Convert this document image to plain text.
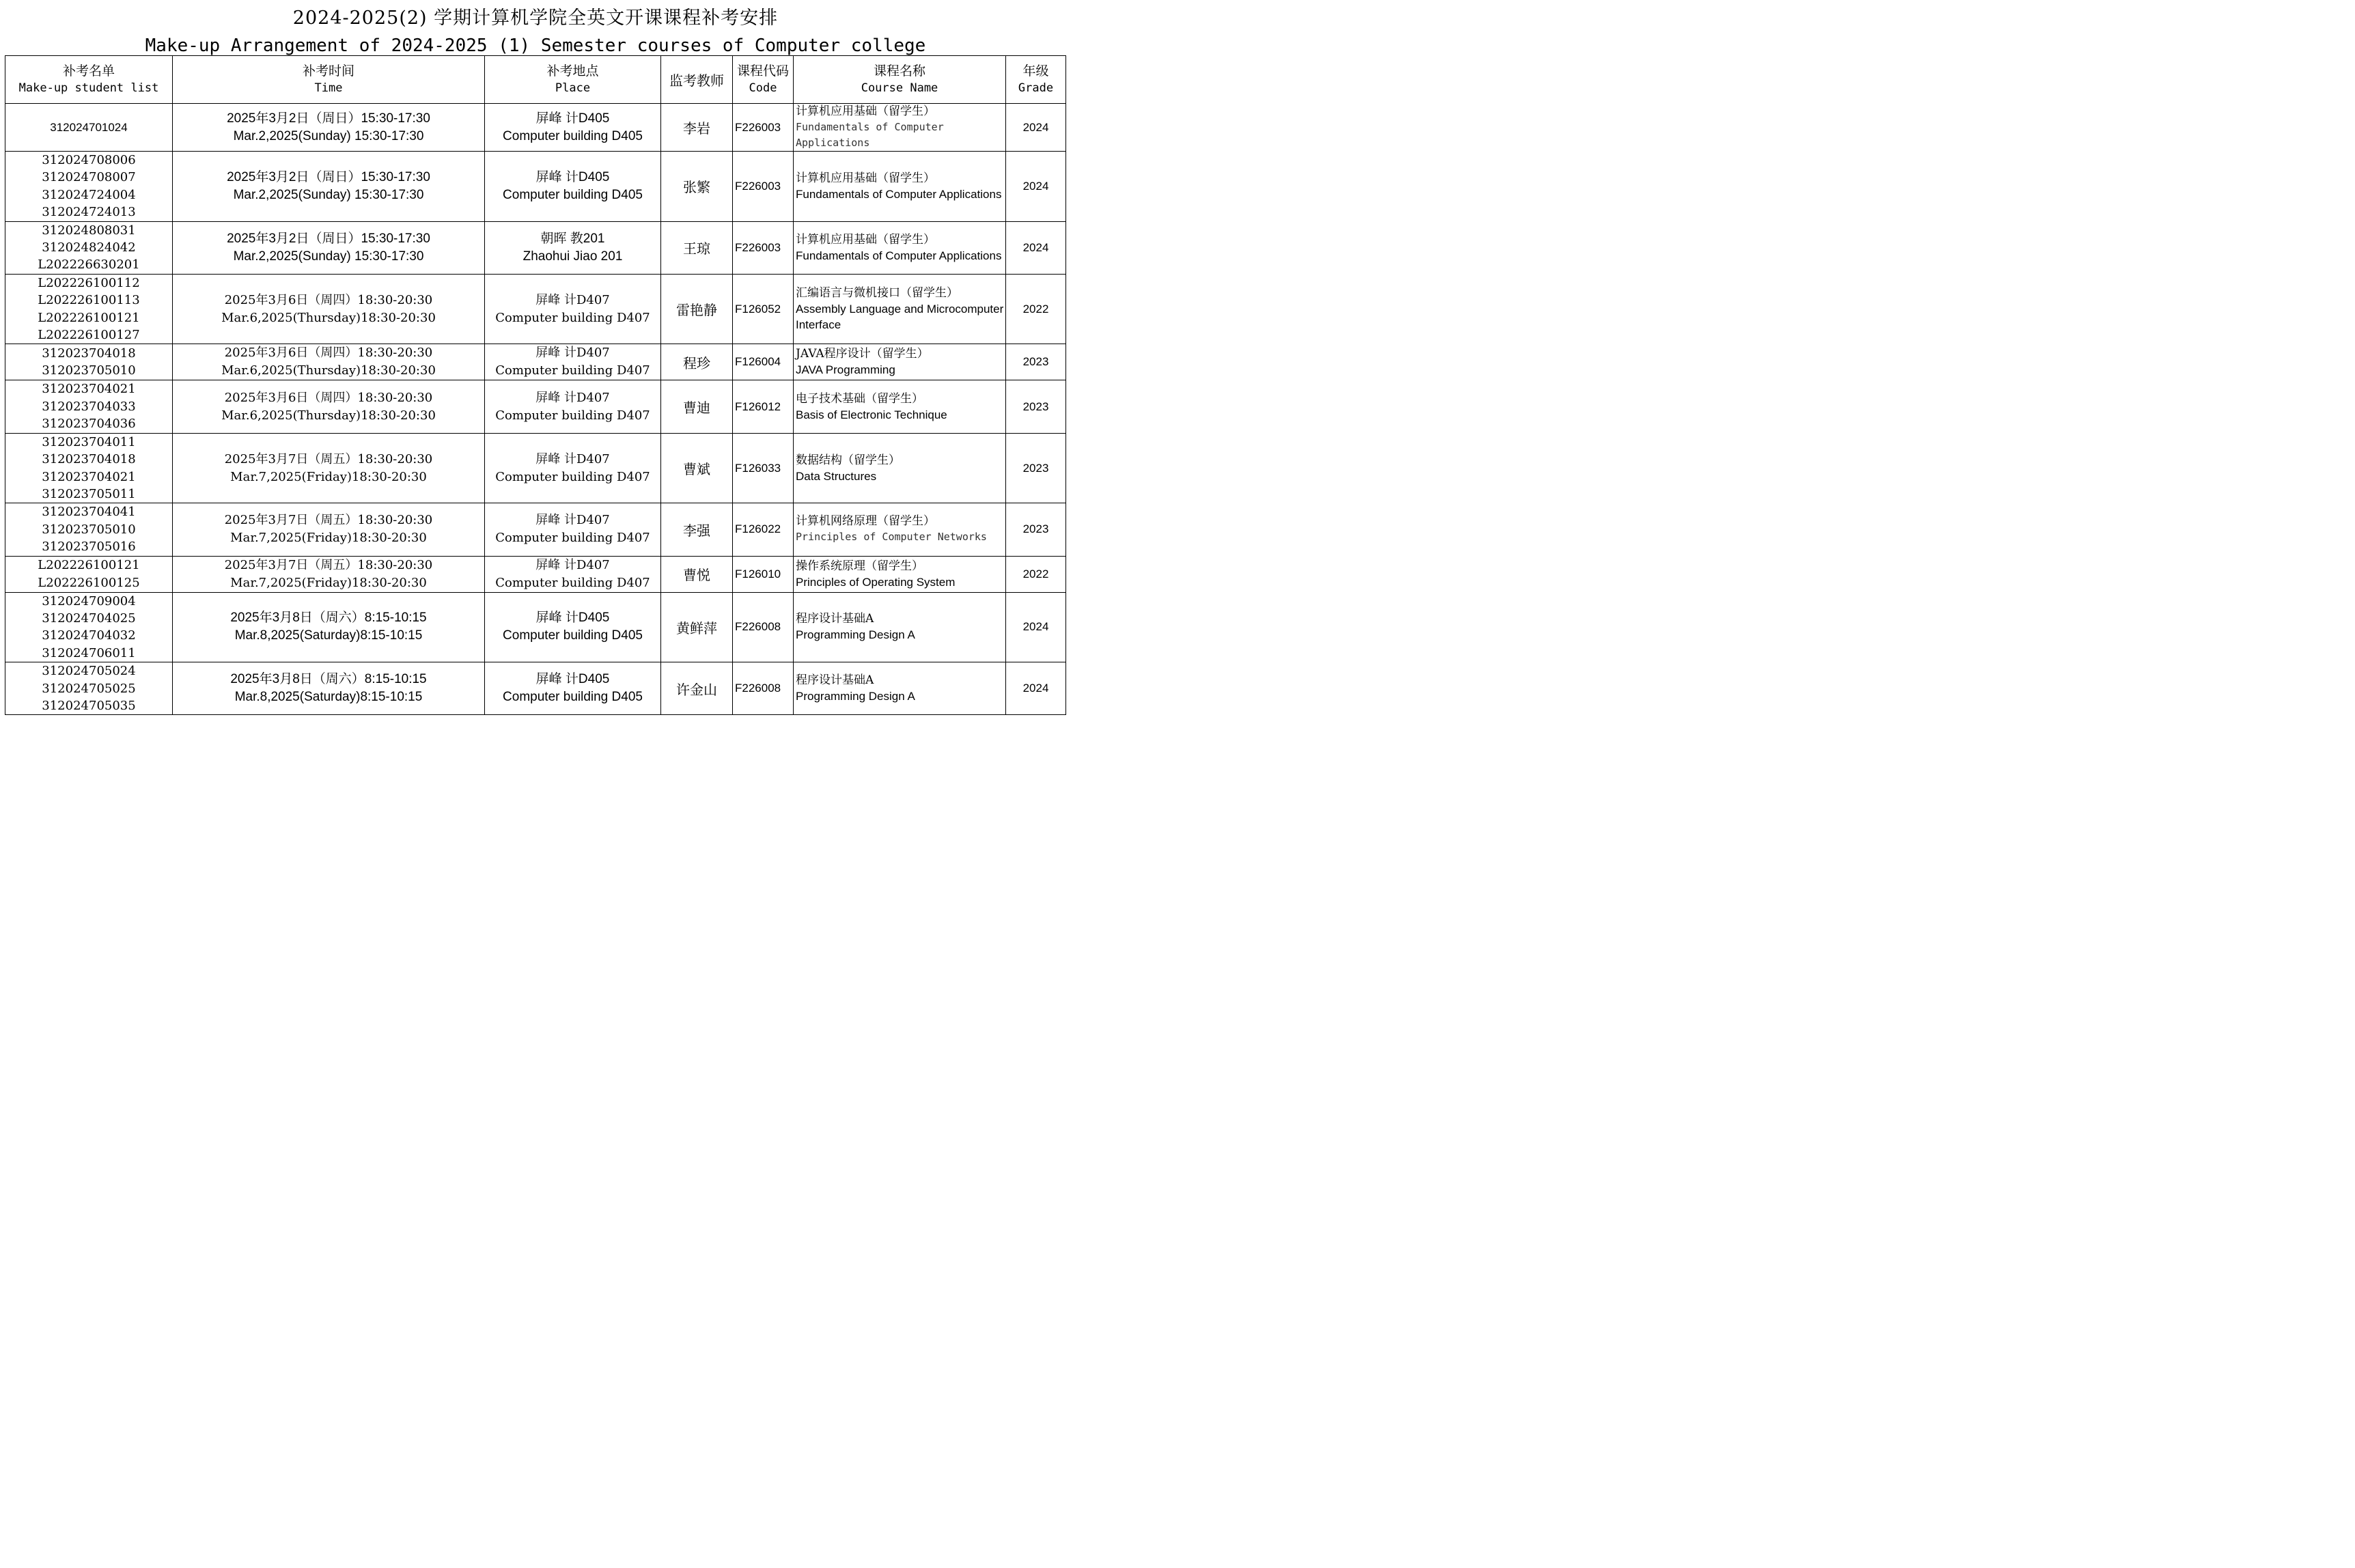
2024-2025(2) 学期计算机学院全英文开课课程补考安排
Make-up Arrangement of 2024-2025 (1) Semester courses of Computer college
补考名单
Make-up student list	补考时间
Time	补考地点
Place	监考教师	课程代码
Code	课程名称
Course Name	年级
Grade

312024701024	2025年3月2日（周日）15:30-17:30
Mar.2,2025(Sunday) 15:30-17:30	屏峰 计D405
Computer building D405	李岩	F226003	计算机应用基础（留学生）
Fundamentals of Computer Applications	2024

312024708006
312024708007
312024724004
312024724013	2025年3月2日（周日）15:30-17:30
Mar.2,2025(Sunday) 15:30-17:30	屏峰 计D405
Computer building D405	张繁	F226003	计算机应用基础（留学生）
Fundamentals of Computer Applications	2024

312024808031
312024824042
L202226630201	2025年3月2日（周日）15:30-17:30
Mar.2,2025(Sunday) 15:30-17:30	朝晖 教201
Zhaohui Jiao 201	王琼	F226003	计算机应用基础（留学生）
Fundamentals of Computer Applications	2024

L202226100112
L202226100113
L202226100121
L202226100127	2025年3月6日（周四）18:30-20:30
Mar.6,2025(Thursday)18:30-20:30	屏峰 计D407
Computer building D407	雷艳静	F126052	汇编语言与微机接口（留学生）
Assembly Language and Microcomputer Interface	2022

312023704018
312023705010	2025年3月6日（周四）18:30-20:30
Mar.6,2025(Thursday)18:30-20:30	屏峰 计D407
Computer building D407	程珍	F126004	JAVA程序设计（留学生）
JAVA Programming	2023

312023704021
312023704033
312023704036	2025年3月6日（周四）18:30-20:30
Mar.6,2025(Thursday)18:30-20:30	屏峰 计D407
Computer building D407	曹迪	F126012	电子技术基础（留学生）
Basis of Electronic Technique	2023

312023704011
312023704018
312023704021
312023705011	2025年3月7日（周五）18:30-20:30
Mar.7,2025(Friday)18:30-20:30	屏峰 计D407
Computer building D407	曹斌	F126033	数据结构（留学生）
Data Structures	2023

312023704041
312023705010
312023705016	2025年3月7日（周五）18:30-20:30
Mar.7,2025(Friday)18:30-20:30	屏峰 计D407
Computer building D407	李强	F126022	计算机网络原理（留学生）
Principles of Computer Networks	2023

L202226100121
L202226100125	2025年3月7日（周五）18:30-20:30
Mar.7,2025(Friday)18:30-20:30	屏峰 计D407
Computer building D407	曹悦	F126010	操作系统原理（留学生）
Principles of Operating System	2022

312024709004
312024704025
312024704032
312024706011	2025年3月8日（周六）8:15-10:15
Mar.8,2025(Saturday)8:15-10:15	屏峰 计D405
Computer building D405	黄鲜萍	F226008	程序设计基础A
Programming Design A	2024

312024705024
312024705025
312024705035	2025年3月8日（周六）8:15-10:15
Mar.8,2025(Saturday)8:15-10:15	屏峰 计D405
Computer building D405	许金山	F226008	程序设计基础A
Programming Design A	2024
